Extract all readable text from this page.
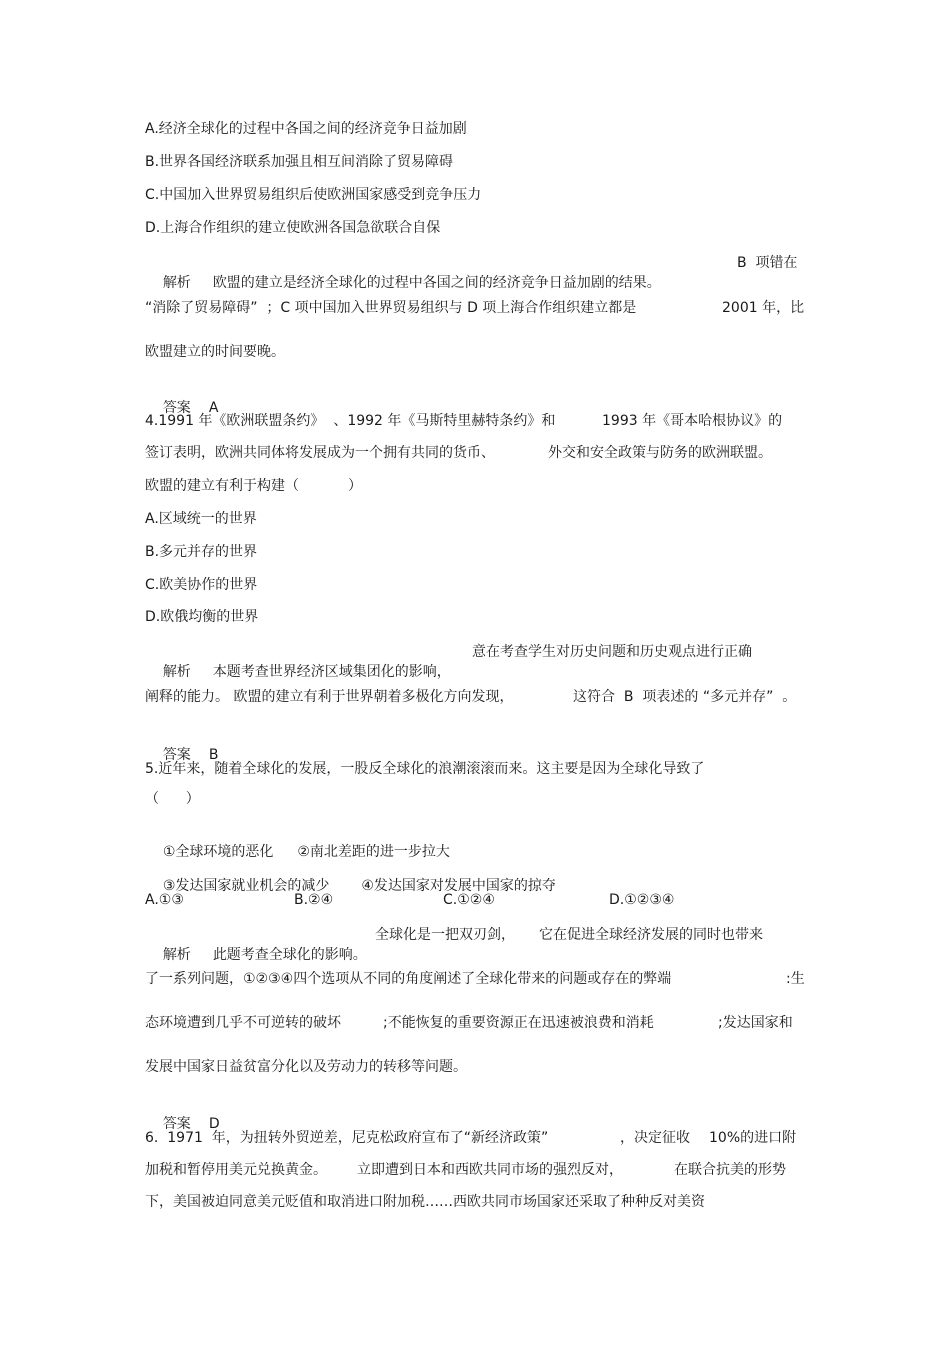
A.经济全球化的过程中各国之间的经济竞争日益加剧
B.世界各国经济联系加强且相互间消除了贸易障碍
C.中国加入世界贸易组织后使欧洲国家感受到竞争压力
D.上海合作组织的建立使欧洲各国急欲联合自保

解析 欧盟的建立是经济全球化的过程中各国之间的经济竞争日益加剧的结果。

B  项错在
“消除了贸易障碍”  ；C 项中国加入世界贸易组织与 D 项上海合作组织建立都是	2001 年，比
欧盟建立的时间要晚。

答案 A

4.1991 年《欧洲联盟条约》  、1992 年《马斯特里赫特条约》和	1993 年《哥本哈根协议》的
签订表明，欧洲共同体将发展成为一个拥有共同的货币、	外交和安全政策与防务的欧洲联盟。
欧盟的建立有利于构建（           ）
A.区域统一的世界
B.多元并存的世界
C.欧美协作的世界
D.欧俄均衡的世界

解析 本题考查世界经济区域集团化的影响，

意在考查学生对历史问题和历史观点进行正确
阐释的能力。 欧盟的建立有利于世界朝着多极化方向发现，	这符合  B  项表述的 “多元并存”  。

答案 B

5.近年来，随着全球化的发展，一股反全球化的浪潮滚滚而来。这主要是因为全球化导致了
（      ）

①全球环境的恶化 ②南北差距的进一步拉大

③发达国家就业机会的减少 ④发达国家对发展中国家的掠夺

A.①③	B.②④	C.①②④	D.①②③④

解析 此题考查全球化的影响。

全球化是一把双刃剑， 它在促进全球经济发展的同时也带来
了一系列问题，①②③④四个选项从不同的角度阐述了全球化带来的问题或存在的弊端	:生
态环境遭到几乎不可逆转的破坏	;不能恢复的重要资源正在迅速被浪费和消耗	;发达国家和
发展中国家日益贫富分化以及劳动力的转移等问题。

答案 D

6.  1971  年，为扭转外贸逆差，尼克松政府宣布了“新经济政策”	，决定征收 10%的进口附
加税和暂停用美元兑换黄金。 立即遭到日本和西欧共同市场的强烈反对，	在联合抗美的形势
下，美国被迫同意美元贬值和取消进口附加税……西欧共同市场国家还采取了种种反对美资
